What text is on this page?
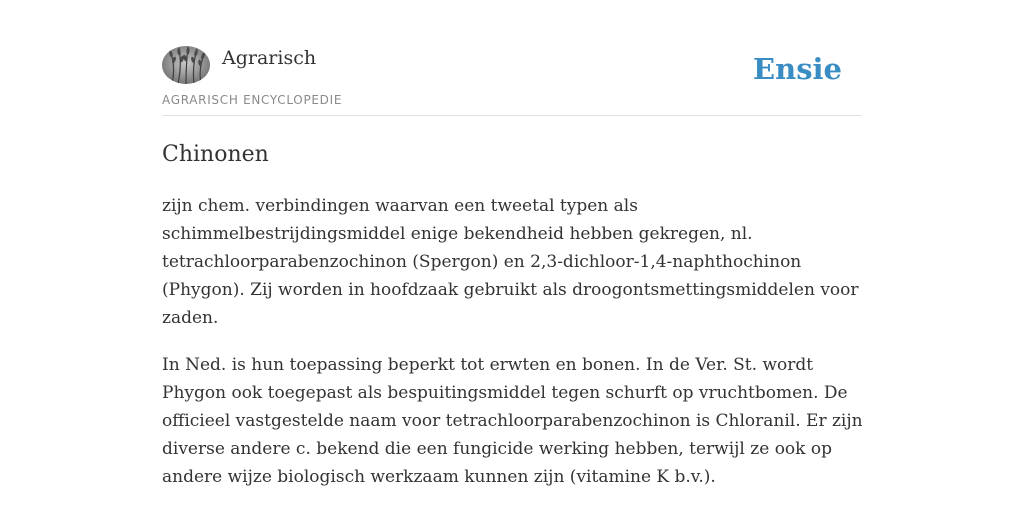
Agrarisch
AGRARISCH ENCYCLOPEDIE
Ensie
Chinonen

zijn chem. verbindingen waarvan een tweetal typen als schimmelbestrijdingsmiddel enige bekendheid hebben gekregen, nl. tetrachloorparabenzochinon (Spergon) en 2,3-dichloor-1,4-naphthochinon (Phygon). Zij worden in hoofdzaak gebruikt als droogontsmettingsmiddelen voor zaden.

In Ned. is hun toepassing beperkt tot erwten en bonen. In de Ver. St. wordt Phygon ook toegepast als bespuitingsmiddel tegen schurft op vruchtbomen. De officieel vastgestelde naam voor tetrachloorparabenzochinon is Chloranil. Er zijn diverse andere c. bekend die een fungicide werking hebben, terwijl ze ook op andere wijze biologisch werkzaam kunnen zijn (vitamine K b.v.).
